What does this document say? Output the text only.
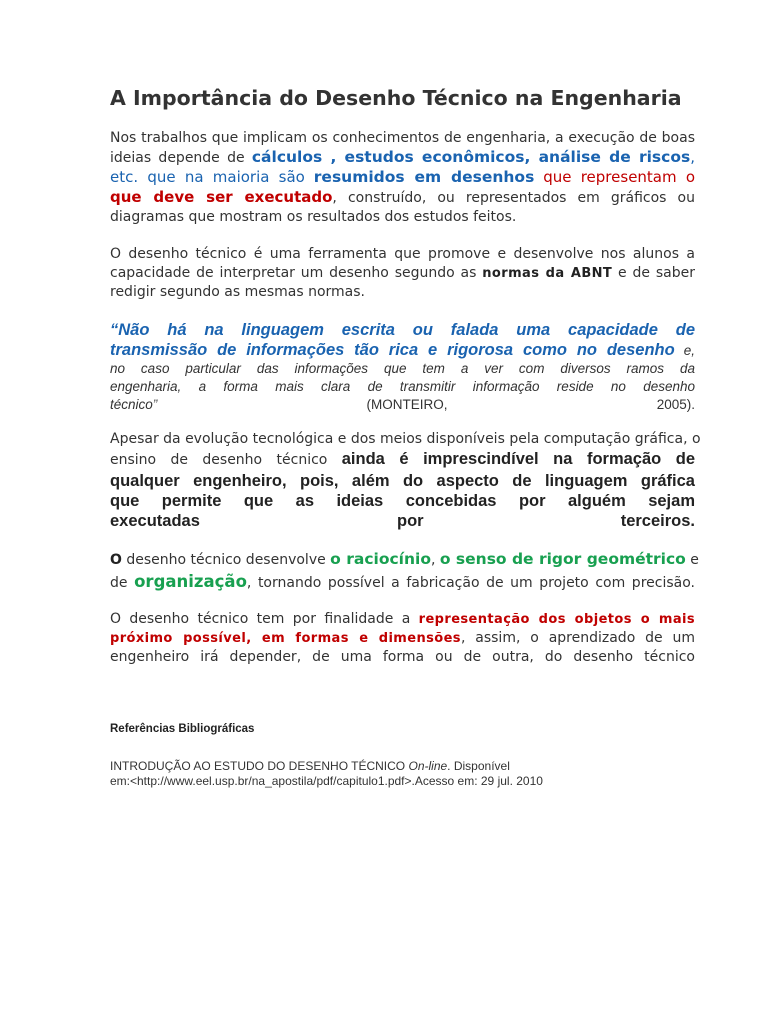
A Importância do Desenho Técnico na Engenharia
Nos trabalhos que implicam os conhecimentos de engenharia, a execução de boas
ideias depende de cálculos , estudos econômicos, análise de riscos,
etc. que na maioria são resumidos em desenhos que representam o
que deve ser executado, construído, ou representados em gráficos ou
diagramas que mostram os resultados dos estudos feitos.
O desenho técnico é uma ferramenta que promove e desenvolve nos alunos a
capacidade de interpretar um desenho segundo as normas da ABNT e de saber
redigir segundo as mesmas normas.
“Não há na linguagem escrita ou falada uma capacidade de
transmissão de informações tão rica e rigorosa como no desenho e,
no caso particular das informações que tem a ver com diversos ramos da
engenharia, a forma mais clara de transmitir informação reside no desenho
técnico” (MONTEIRO, 2005).
Apesar da evolução tecnológica e dos meios disponíveis pela computação gráfica, o
ensino de desenho técnico ainda é imprescindível na formação de
qualquer engenheiro, pois, além do aspecto de linguagem gráfica
que permite que as ideias concebidas por alguém sejam
executadas por terceiros.
O desenho técnico desenvolve o raciocínio, o senso de rigor geométrico e
de organização, tornando possível a fabricação de um projeto com precisão.
O desenho técnico tem por finalidade a representação dos objetos o mais
próximo possível, em formas e dimensões, assim, o aprendizado de um
engenheiro irá depender, de uma forma ou de outra, do desenho técnico
Referências Bibliográficas
INTRODUÇÃO AO ESTUDO DO DESENHO TÉCNICO On-line. Disponível
em:<http://www.eel.usp.br/na_apostila/pdf/capitulo1.pdf>.Acesso em: 29 jul. 2010
